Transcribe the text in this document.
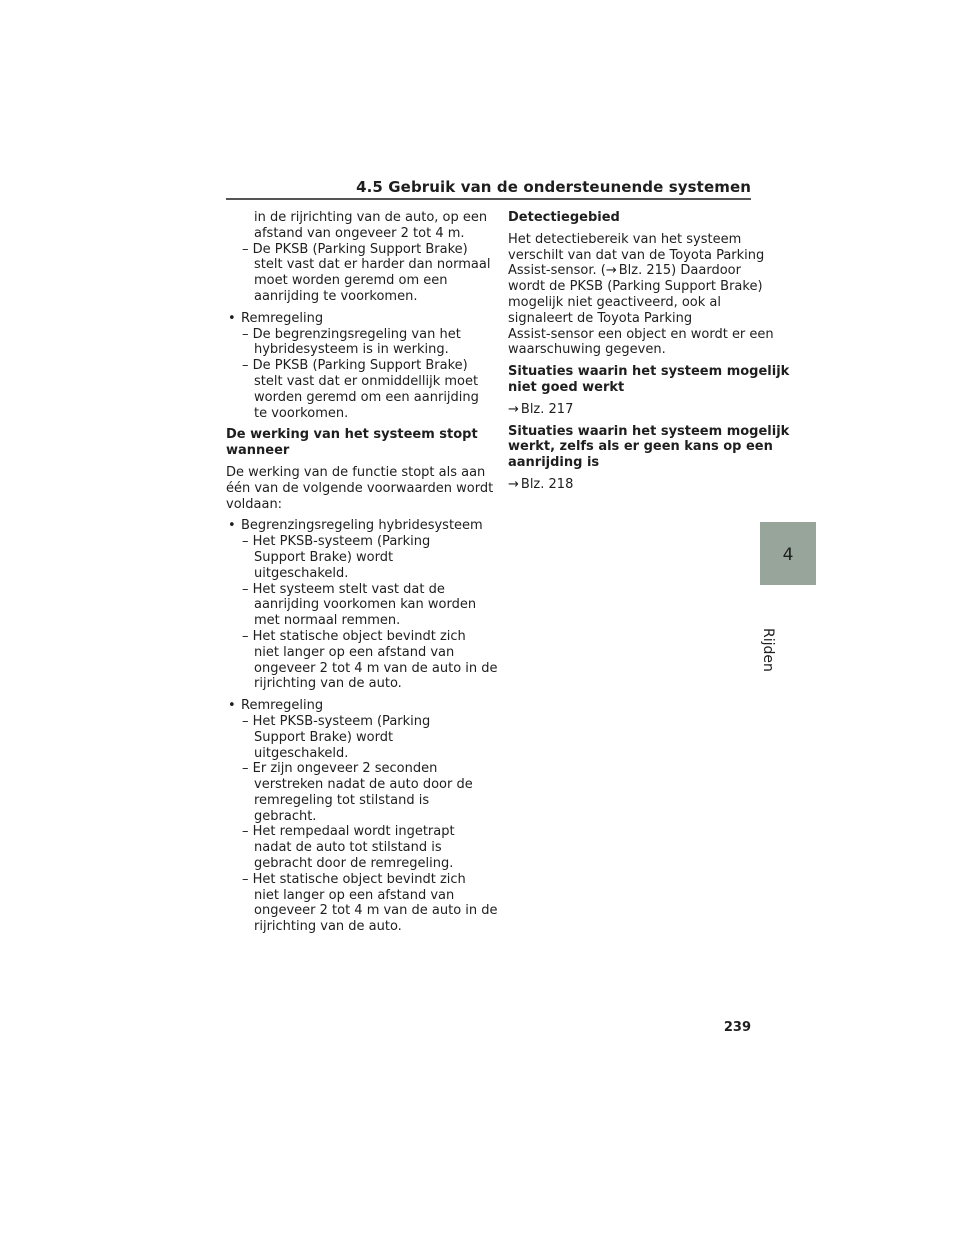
4.5 Gebruik van de ondersteunende systemen
in de rijrichting van de auto, op een
afstand van ongeveer 2 tot 4 m.
– De PKSB (Parking Support Brake)
stelt vast dat er harder dan normaal
moet worden geremd om een
aanrijding te voorkomen.
• Remregeling
– De begrenzingsregeling van het
hybridesysteem is in werking.
– De PKSB (Parking Support Brake)
stelt vast dat er onmiddellijk moet
worden geremd om een aanrijding
te voorkomen.
De werking van het systeem stopt
wanneer
De werking van de functie stopt als aan
één van de volgende voorwaarden wordt
voldaan:
• Begrenzingsregeling hybridesysteem
– Het PKSB-systeem (Parking
Support Brake) wordt
uitgeschakeld.
– Het systeem stelt vast dat de
aanrijding voorkomen kan worden
met normaal remmen.
– Het statische object bevindt zich
niet langer op een afstand van
ongeveer 2 tot 4 m van de auto in de
rijrichting van de auto.
• Remregeling
– Het PKSB-systeem (Parking
Support Brake) wordt
uitgeschakeld.
– Er zijn ongeveer 2 seconden
verstreken nadat de auto door de
remregeling tot stilstand is
gebracht.
– Het rempedaal wordt ingetrapt
nadat de auto tot stilstand is
gebracht door de remregeling.
– Het statische object bevindt zich
niet langer op een afstand van
ongeveer 2 tot 4 m van de auto in de
rijrichting van de auto.
Detectiegebied
Het detectiebereik van het systeem
verschilt van dat van de Toyota Parking
Assist-sensor. (→ Blz. 215) Daardoor
wordt de PKSB (Parking Support Brake)
mogelijk niet geactiveerd, ook al
signaleert de Toyota Parking
Assist-sensor een object en wordt er een
waarschuwing gegeven.
Situaties waarin het systeem mogelijk
niet goed werkt
→ Blz. 217
Situaties waarin het systeem mogelijk
werkt, zelfs als er geen kans op een
aanrijding is
→ Blz. 218
4
Rijden
239
